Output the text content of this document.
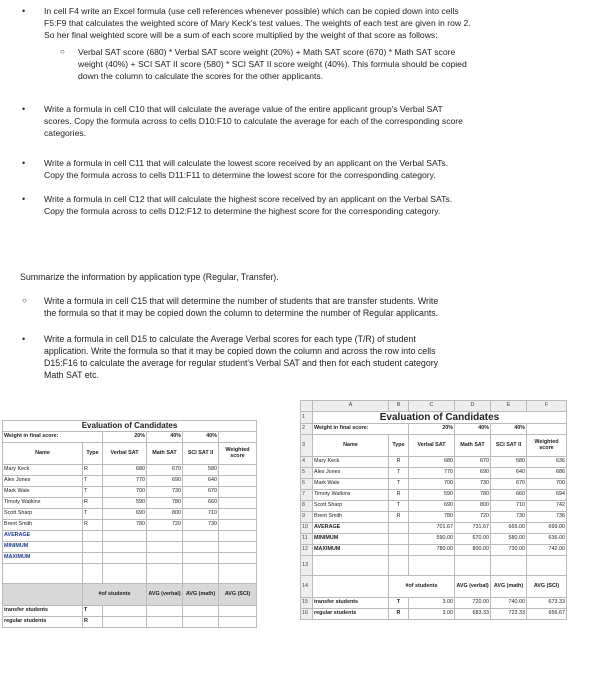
• In cell F4 write an Excel formula (use cell references whenever possible) which can be copied down into cells
F5:F9 that calculates the weighted score of Mary Keck's test values. The weights of each test are given in row 2.
So her final weighted score will be a sum of each score multiplied by the weight of that score as follows:
○ Verbal SAT score (680) * Verbal SAT score weight (20%) + Math SAT score (670) * Math SAT score
weight (40%) + SCI SAT II score (580) * SCI SAT II score weight (40%). This formula should be copied
down the column to calculate the scores for the other applicants.
• Write a formula in cell C10 that will calculate the average value of the entire applicant group's Verbal SAT
scores. Copy the formula across to cells D10:F10 to calculate the average for each of the corresponding score
categories.
• Write a formula in cell C11 that will calculate the lowest score received by an applicant on the Verbal SATs.
Copy the formula across to cells D11:F11 to determine the lowest score for the corresponding category.
• Write a formula in cell C12 that will calculate the highest score received by an applicant on the Verbal SATs.
Copy the formula across to cells D12:F12 to determine the highest score for the corresponding category.
Summarize the information by application type (Regular, Transfer).
○ Write a formula in cell C15 that will determine the number of students that are transfer students. Write
the formula so that it may be copied down the column to determine the number of Regular applicants.
• Write a formula in cell D15 to calculate the Average Verbal scores for each type (T/R) of student
application. Write the formula so that it may be copied down the column and across the row into cells
D15:F16 to calculate the average for regular student's Verbal SAT and then for each student category
Math SAT etc.
Evaluation of Candidates					
Weight in final score:		20%	40%	40%	
Name	Type	Verbal SAT	Math SAT	SCI SAT II	Weighted score
Mary Keck	R	680	670	580	
Alex Jones	T	770	690	640	
Mark Wale	T	700	730	670	
Timoty Watkins	R	590	780	660	
Scott Sharp	T	690	800	710	
Brent Smith	R	780	720	730	
AVERAGE					
MINIMUM					
MAXIMUM					

	#of students		AVG (verbal)	AVG (math)	AVG (SCI)
transfer students	T				
regular students	R				
	A	B	C	D	E	F
1	Evaluation of Candidates					
2	Weight in final score:		20%	40%	40%	
3	Name	Type	Verbal SAT	Math SAT	SCI SAT II	Weighted score
4	Mary Keck	R	680	670	580	636
5	Alex Jones	T	770	690	640	686
6	Mark Wale	T	700	730	670	700
7	Timoty Watkins	R	590	780	660	694
8	Scott Sharp	T	690	800	710	742
9	Brent Smith	R	780	720	730	736
10	AVERAGE		701.67	731.67	665.00	699.00
11	MINIMUM		590.00	670.00	580.00	636.00
12	MAXIMUM		780.00	800.00	730.00	742.00
13						
14		#of students		AVG (verbal)	AVG (math)	AVG (SCI)
15	transfer students	T	3.00	720.00	740.00	673.33
16	regular students	R	3.00	683.33	723.33	656.67
